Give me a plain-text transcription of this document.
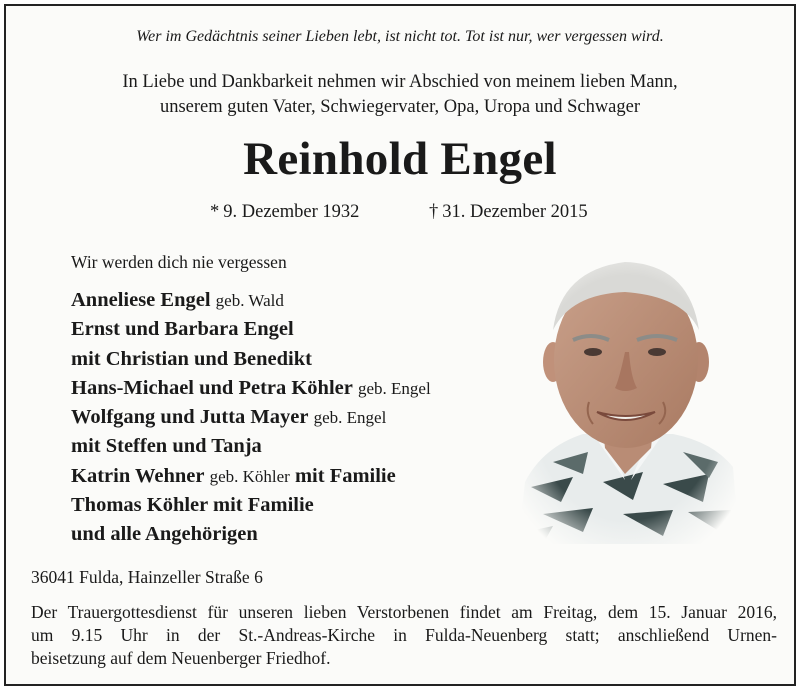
Wer im Gedächtnis seiner Lieben lebt, ist nicht tot. Tot ist nur, wer vergessen wird.
In Liebe und Dankbarkeit nehmen wir Abschied von meinem lieben Mann,
unserem guten Vater, Schwiegervater, Opa, Uropa und Schwager
Reinhold Engel
* 9. Dezember 1932	† 31. Dezember 2015
Wir werden dich nie vergessen
Anneliese Engel geb. Wald
Ernst und Barbara Engel
mit Christian und Benedikt
Hans-Michael und Petra Köhler geb. Engel
Wolfgang und Jutta Mayer geb. Engel
mit Steffen und Tanja
Katrin Wehner geb. Köhler mit Familie
Thomas Köhler mit Familie
und alle Angehörigen
36041 Fulda, Hainzeller Straße 6
Der Trauergottesdienst für unseren lieben Verstorbenen findet am Freitag, dem 15. Januar 2016,
um 9.15 Uhr in der St.-Andreas-Kirche in Fulda-Neuenberg statt; anschließend Urnen-
beisetzung auf dem Neuenberger Friedhof.
